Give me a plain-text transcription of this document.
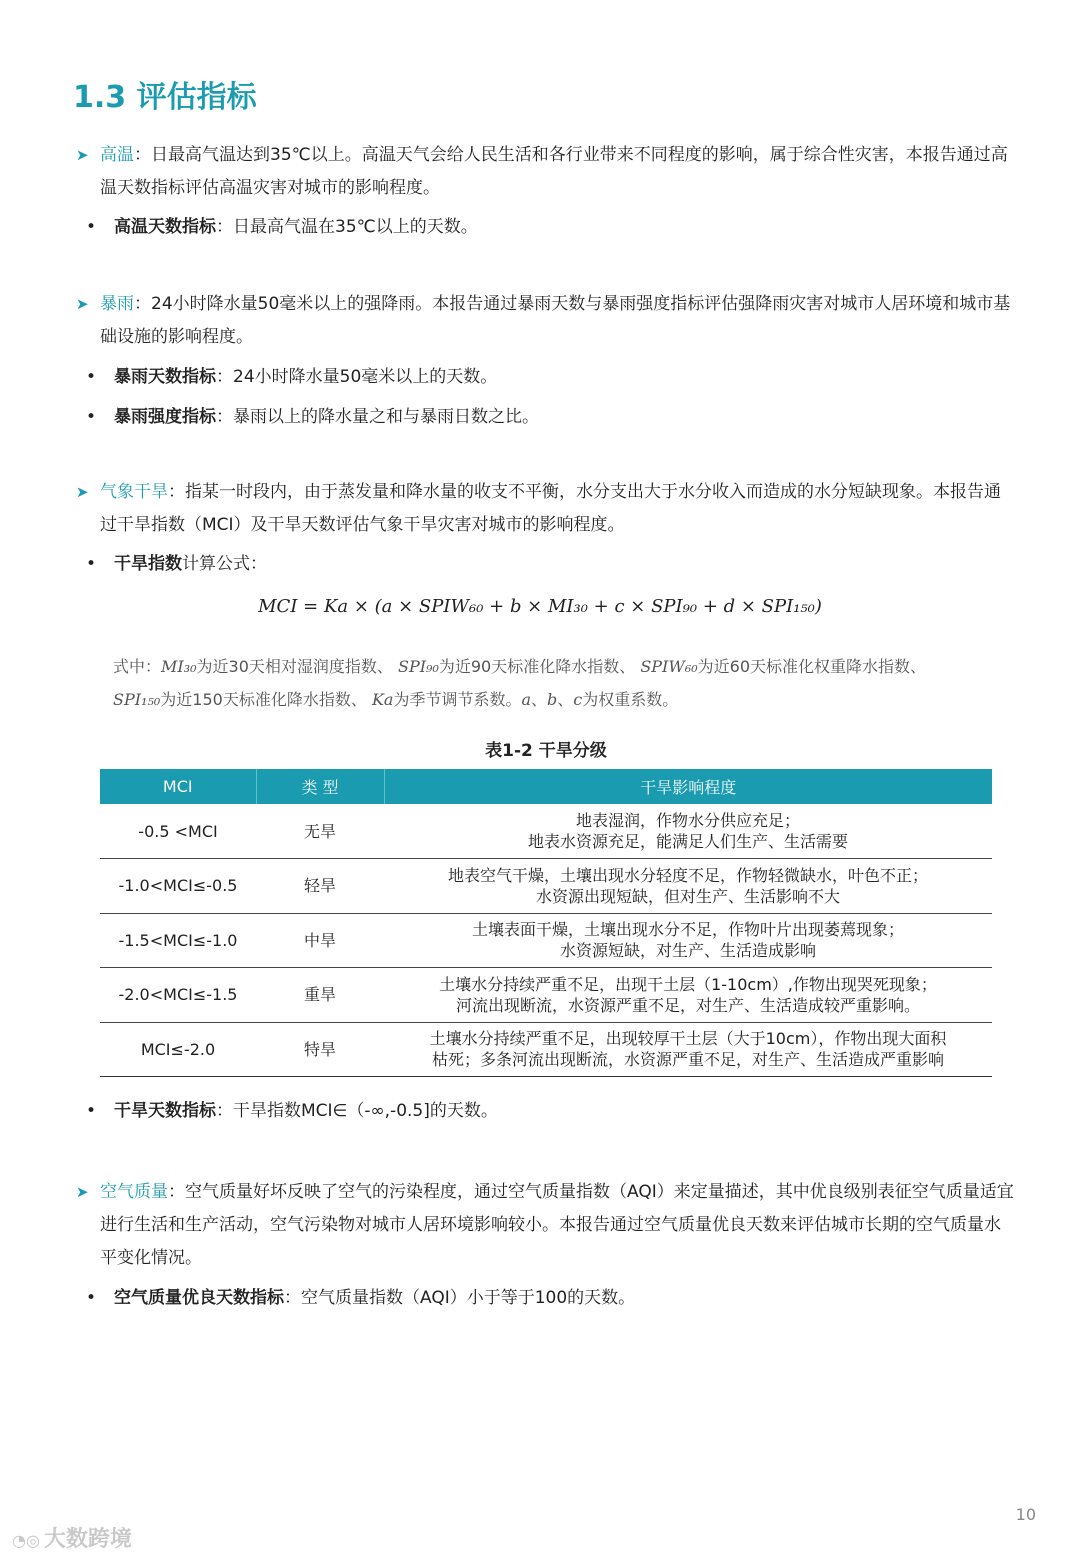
1.3 评估指标
➤ 高温：日最高气温达到35℃以上。高温天气会给人民生活和各行业带来不同程度的影响，属于综合性灾害，本报告通过高温天数指标评估高温灾害对城市的影响程度。
•	高温天数指标：日最高气温在35℃以上的天数。
➤ 暴雨：24小时降水量50毫米以上的强降雨。本报告通过暴雨天数与暴雨强度指标评估强降雨灾害对城市人居环境和城市基础设施的影响程度。
•	暴雨天数指标：24小时降水量50毫米以上的天数。
•	暴雨强度指标：暴雨以上的降水量之和与暴雨日数之比。
➤ 气象干旱：指某一时段内，由于蒸发量和降水量的收支不平衡，水分支出大于水分收入而造成的水分短缺现象。本报告通过干旱指数（MCI）及干旱天数评估气象干旱灾害对城市的影响程度。
•	干旱指数计算公式：
MCI = Ka × (a × SPIW₆₀ + b × MI₃₀ + c × SPI₉₀ + d × SPI₁₅₀)
式中：MI₃₀为近30天相对湿润度指数、 SPI₉₀为近90天标准化降水指数、 SPIW₆₀为近60天标准化权重降水指数、
SPI₁₅₀为近150天标准化降水指数、 Ka为季节调节系数。a、b、c为权重系数。
表1-2 干旱分级
MCI	类 型	干旱影响程度
-0.5 <MCI	无旱	地表湿润，作物水分供应充足；
地表水资源充足，能满足人们生产、生活需要
-1.0<MCI≤-0.5	轻旱	地表空气干燥，土壤出现水分轻度不足，作物轻微缺水，叶色不正；
水资源出现短缺，但对生产、生活影响不大
-1.5<MCI≤-1.0	中旱	土壤表面干燥，土壤出现水分不足，作物叶片出现萎蔫现象；
水资源短缺，对生产、生活造成影响
-2.0<MCI≤-1.5	重旱	土壤水分持续严重不足，出现干土层（1-10cm）,作物出现哭死现象；
河流出现断流，水资源严重不足，对生产、生活造成较严重影响。
MCI≤-2.0	特旱	土壤水分持续严重不足，出现较厚干土层（大于10cm），作物出现大面积
枯死；多条河流出现断流，水资源严重不足，对生产、生活造成严重影响
•	干旱天数指标：干旱指数MCI∈（-∞,-0.5]的天数。
➤ 空气质量：空气质量好坏反映了空气的污染程度，通过空气质量指数（AQI）来定量描述，其中优良级别表征空气质量适宜进行生活和生产活动，空气污染物对城市人居环境影响较小。本报告通过空气质量优良天数来评估城市长期的空气质量水平变化情况。
•	空气质量优良天数指标：空气质量指数（AQI）小于等于100的天数。
10
◔◎ 大数跨境
